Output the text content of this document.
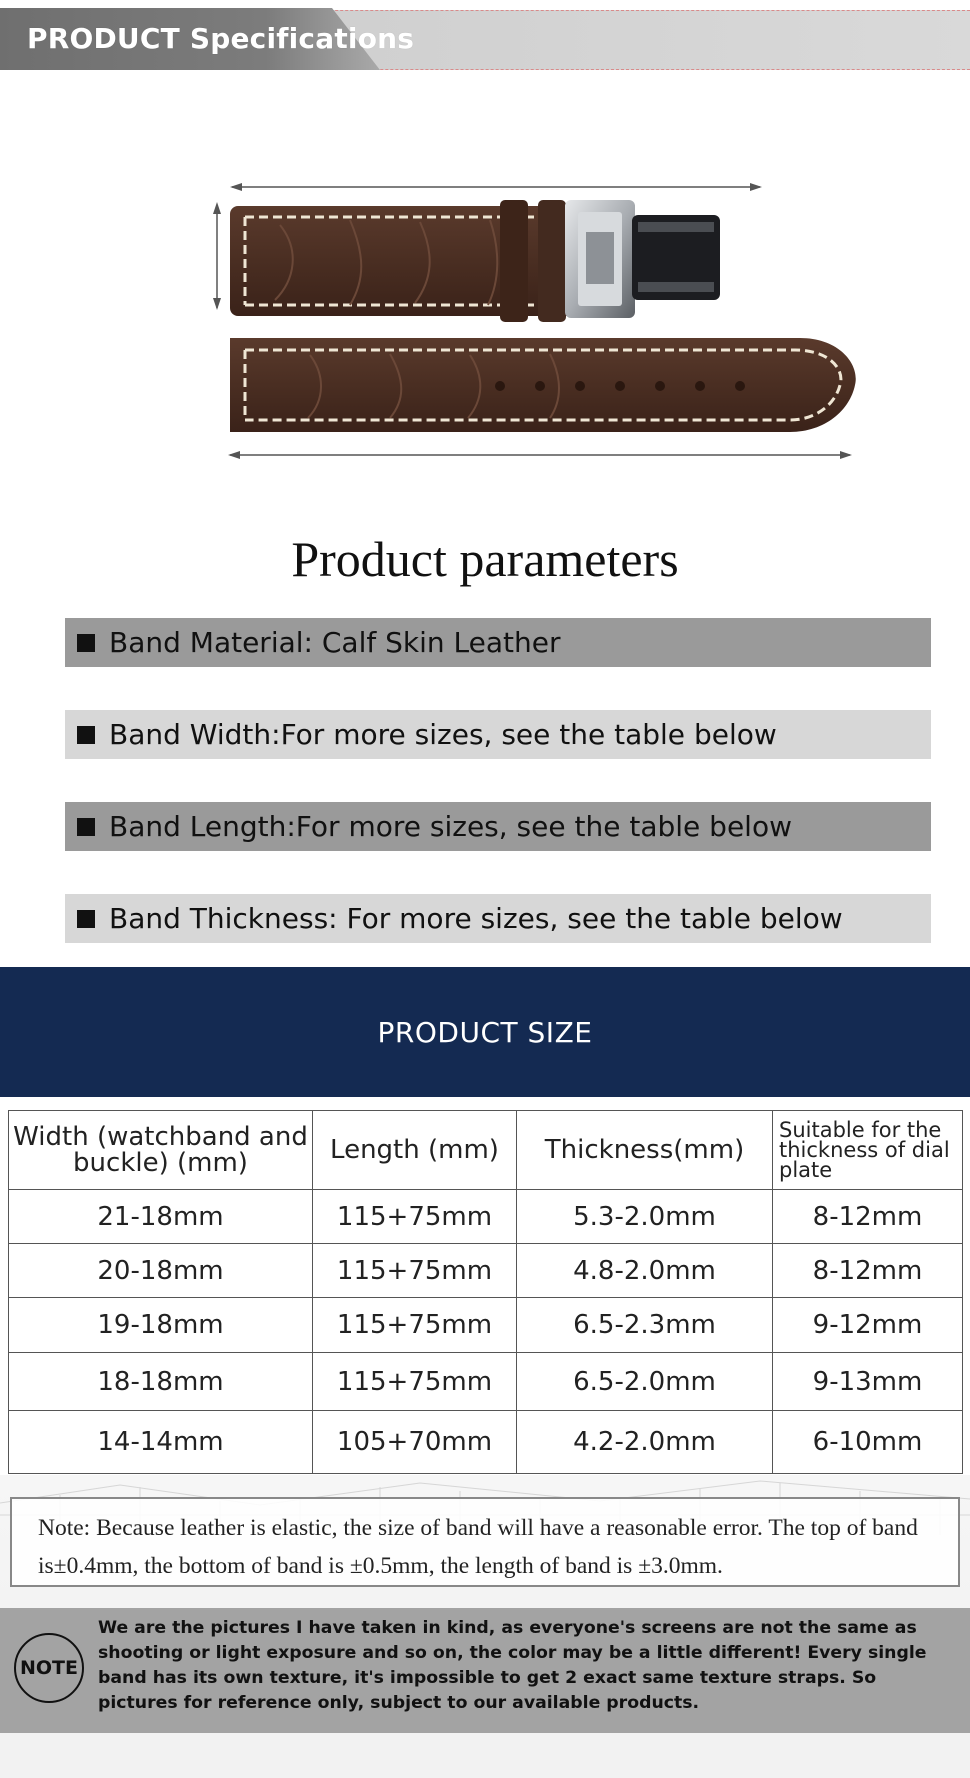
PRODUCT Specifications
Product parameters
Band Material: Calf Skin Leather
Band Width:For more sizes, see the table below
Band Length:For more sizes, see the table below
Band Thickness: For more sizes, see the table below
PRODUCT SIZE
Width (watchband and buckle) (mm)	Length (mm)	Thickness(mm)	Suitable for the thickness of dial plate
21-18mm	115+75mm	5.3-2.0mm	8-12mm
20-18mm	115+75mm	4.8-2.0mm	8-12mm
19-18mm	115+75mm	6.5-2.3mm	9-12mm
18-18mm	115+75mm	6.5-2.0mm	9-13mm
14-14mm	105+70mm	4.2-2.0mm	6-10mm
Note: Because leather is elastic, the size of band will have a reasonable error. The top of band is±0.4mm, the bottom of band is ±0.5mm, the length of band is ±3.0mm.
NOTE
We are the pictures I have taken in kind, as everyone's screens are not the same as shooting or light exposure and so on, the color may be a little different! Every single band has its own texture, it's impossible to get 2 exact same texture straps. So pictures for reference only, subject to our available products.
